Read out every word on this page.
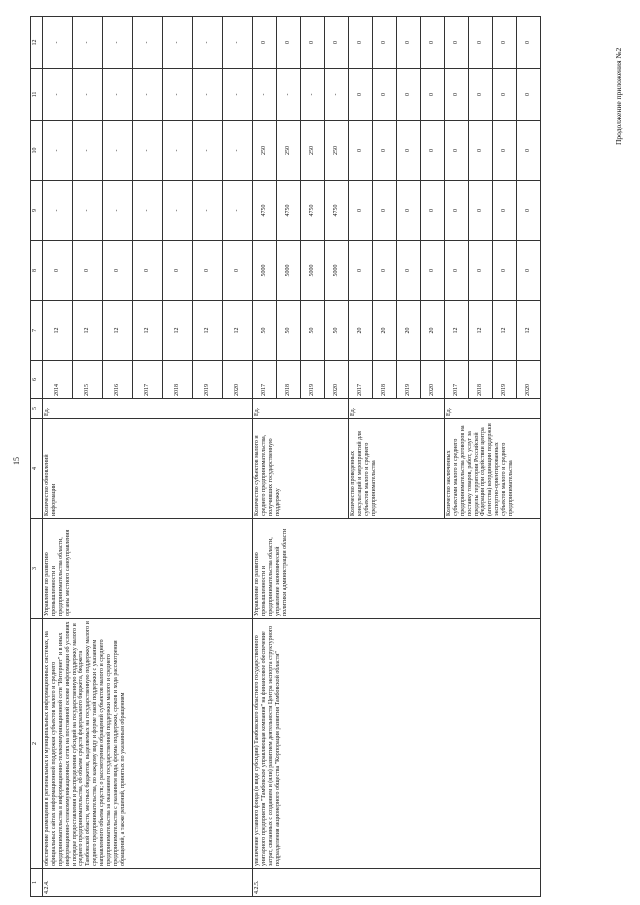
15
Продолжение приложения №2
1	2	3	4	5	6	7	8	9	10	11	12
4.2.4.	обеспечение размещения в региональных и муниципальных информационных системах, на официальных сайтах информационной поддержки субъектов малого и среднего предпринимательства в информационно-телекоммуникационной сети "Интернет" и в иных информационно-телекоммуникационных сетях на постоянной основе информации об условиях и порядке предоставления и распределения субсидий на государственную поддержку малого и среднего предпринимательства, об объеме средств федерального бюджета, бюджета Тамбовской области, местных бюджетов, выделяемых на государственную поддержку малого и среднего предпринимательства, по каждому виду и форме такой поддержки с указанием направленного объема средств; о рассмотрении обращений субъектов малого и среднего предпринимательства за оказанием государственной поддержки малого и среднего предпринимательства с указанием вида, формы поддержки, сроков и хода рассмотрения обращений, а также решений, принятых по указанным обращениям	Управление по развитию промышленности и предпринимательства области, органы местного самоуправления	Количество обновлений информации	Ед.	2014	12	0	-	-	-	-
					2015	12	0	-	-	-	-
					2016	12	0	-	-	-	-
					2017	12	0	-	-	-	-
					2018	12	0	-	-	-	-
					2019	12	0	-	-	-	-
					2020	12	0	-	-	-	-
4.2.5.	увеличение уставного фонда (в виде субсидии) Тамбовского областного государственного унитарного предприятия "Тамбовское управляющая компания" на финансовое обеспечение затрат, связанных с созданием и (или) развитием деятельности Центра экспорта структурного подразделения акционерного общества "Корпорация развития Тамбовской области"	Управление по развитию промышленности и предпринимательства области, управление экономической политики администрации области	Количество субъектов малого и среднего предпринимательства, получивших государственную поддержку	Ед.	2017	50	5000	4750	250	-	0
					2018	50	5000	4750	250	-	0
					2019	50	5000	4750	250	-	0
					2020	50	5000	4750	250	-	0
			Количество проведенных консультаций и мероприятий для субъектов малого и среднего предпринимательства	Ед.	2017	20	0	0	0	0	0
					2018	20	0	0	0	0	0
					2019	20	0	0	0	0	0
					2020	20	0	0	0	0	0
			Количество заключенных субъектами малого и среднего предпринимательства договоров на поставку товаров, работ, услуг за пределы территории Российской Федерации при содействии центра (агентства) координации поддержки экспортно-ориентированных субъектов малого и среднего предпринимательства	Ед.	2017	12	0	0	0	0	0
					2018	12	0	0	0	0	0
					2019	12	0	0	0	0	0
					2020	12	0	0	0	0	0
